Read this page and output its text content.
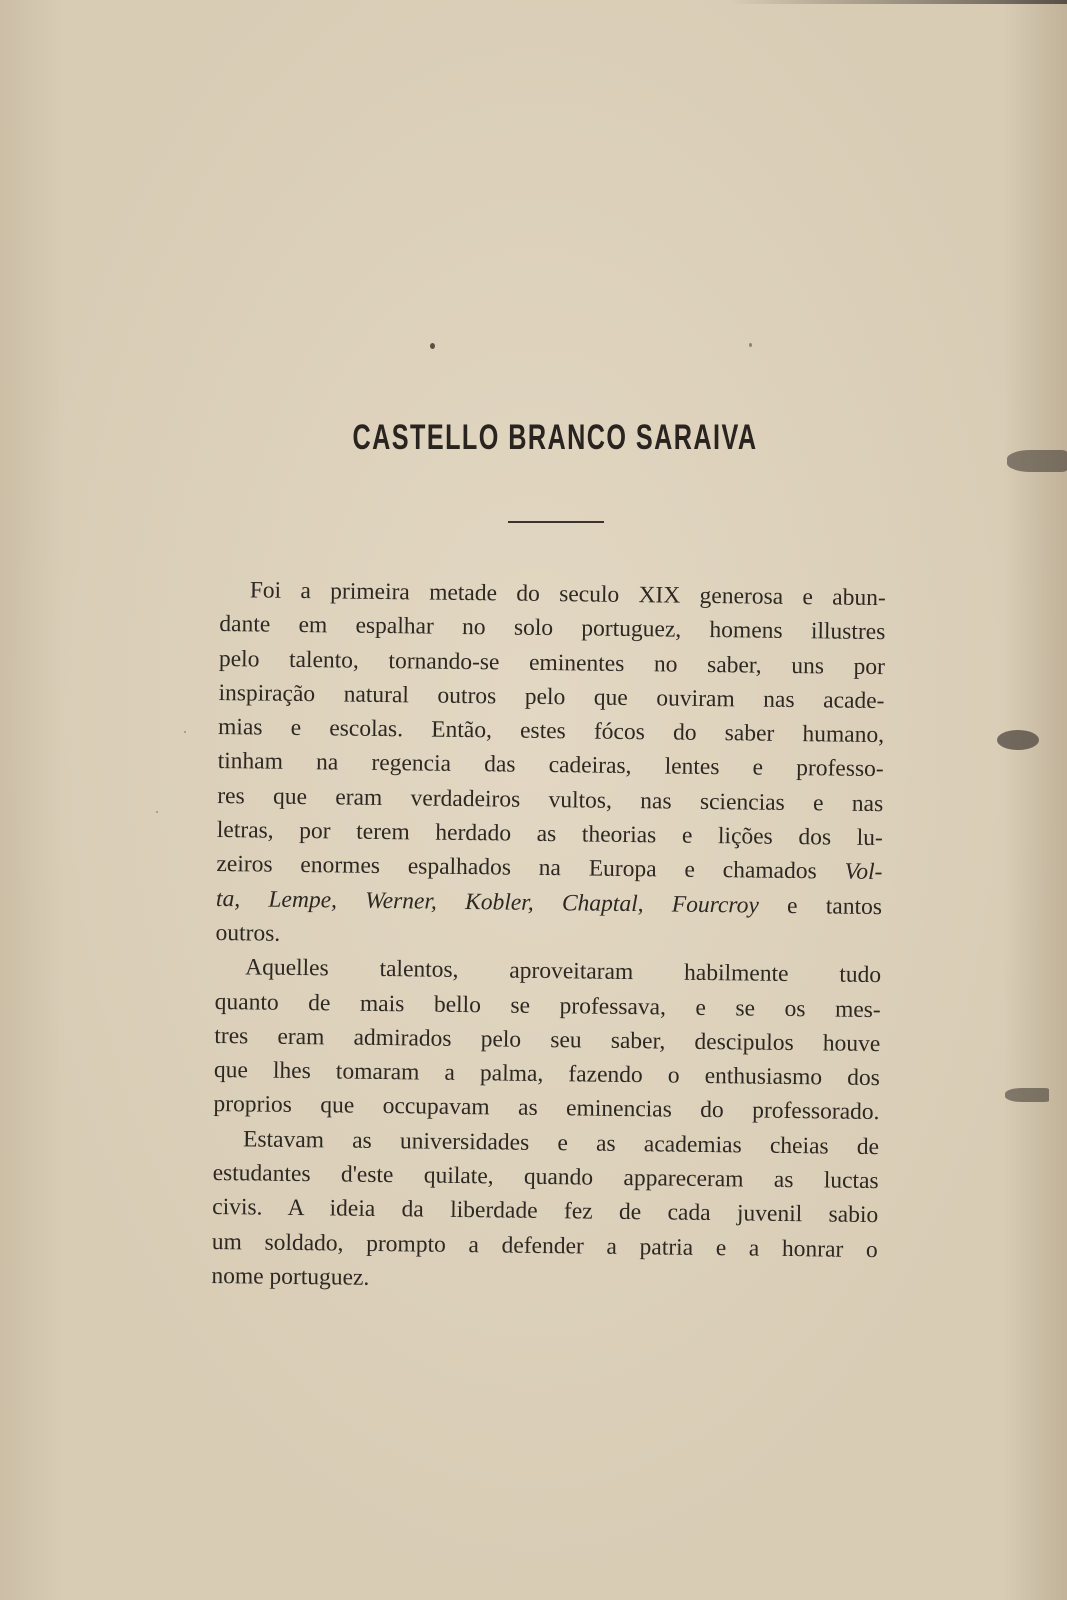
CASTELLO BRANCO SARAIVA
Foi a primeira metade do seculo XIX generosa e abun-
dante em espalhar no solo portuguez, homens illustres
pelo talento, tornando-se eminentes no saber, uns por
inspiração natural outros pelo que ouviram nas acade-
mias e escolas. Então, estes fócos do saber humano,
tinham na regencia das cadeiras, lentes e professo-
res que eram verdadeiros vultos, nas sciencias e nas
letras, por terem herdado as theorias e lições dos lu-
zeiros enormes espalhados na Europa e chamados Vol-
ta, Lempe, Werner, Kobler, Chaptal, Fourcroy e tantos
outros.
Aquelles talentos, aproveitaram habilmente tudo
quanto de mais bello se professava, e se os mes-
tres eram admirados pelo seu saber, descipulos houve
que lhes tomaram a palma, fazendo o enthusiasmo dos
proprios que occupavam as eminencias do professorado.
Estavam as universidades e as academias cheias de
estudantes d'este quilate, quando appareceram as luctas
civis. A ideia da liberdade fez de cada juvenil sabio
um soldado, prompto a defender a patria e a honrar o
nome portuguez.
